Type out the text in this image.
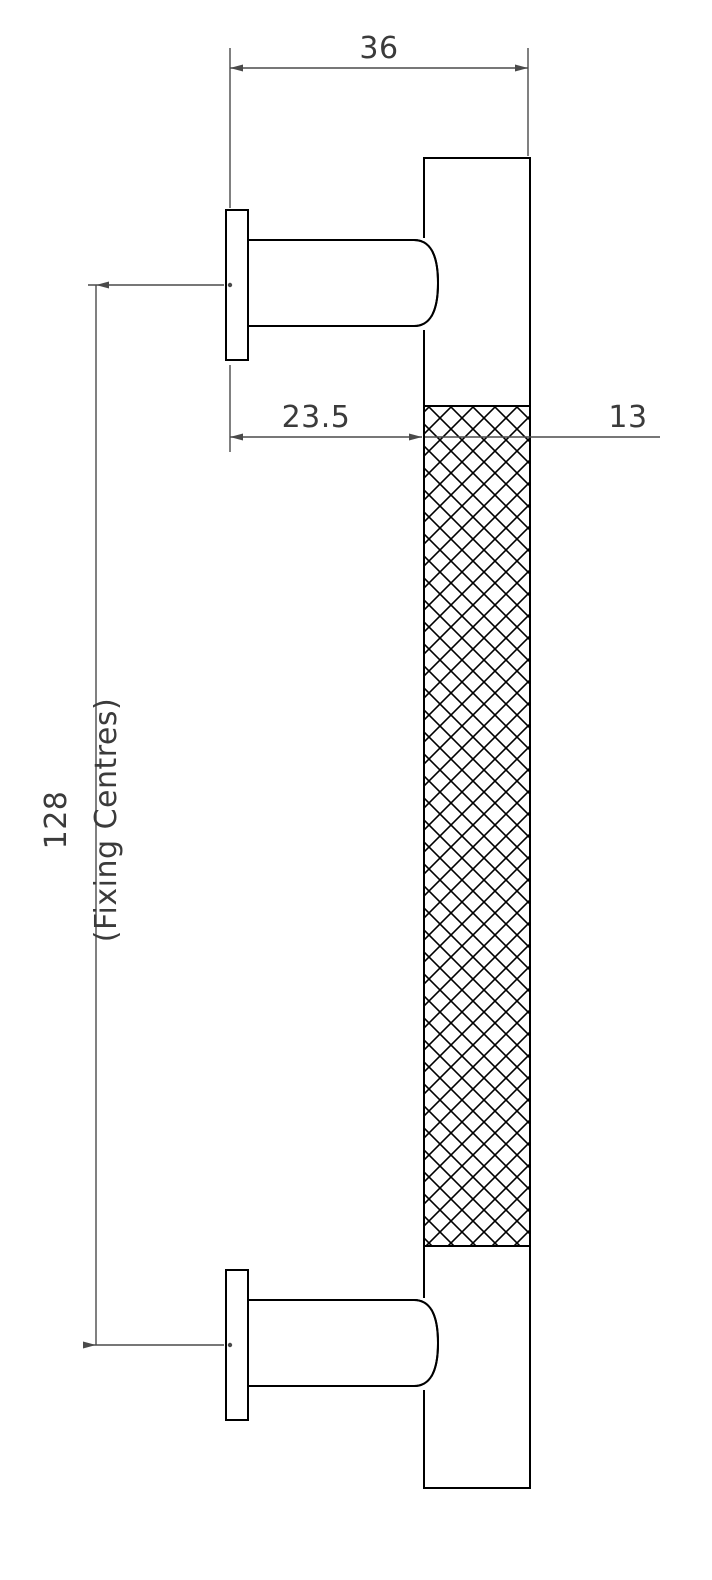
36
23.5	13
128 (Fixing Centres)
